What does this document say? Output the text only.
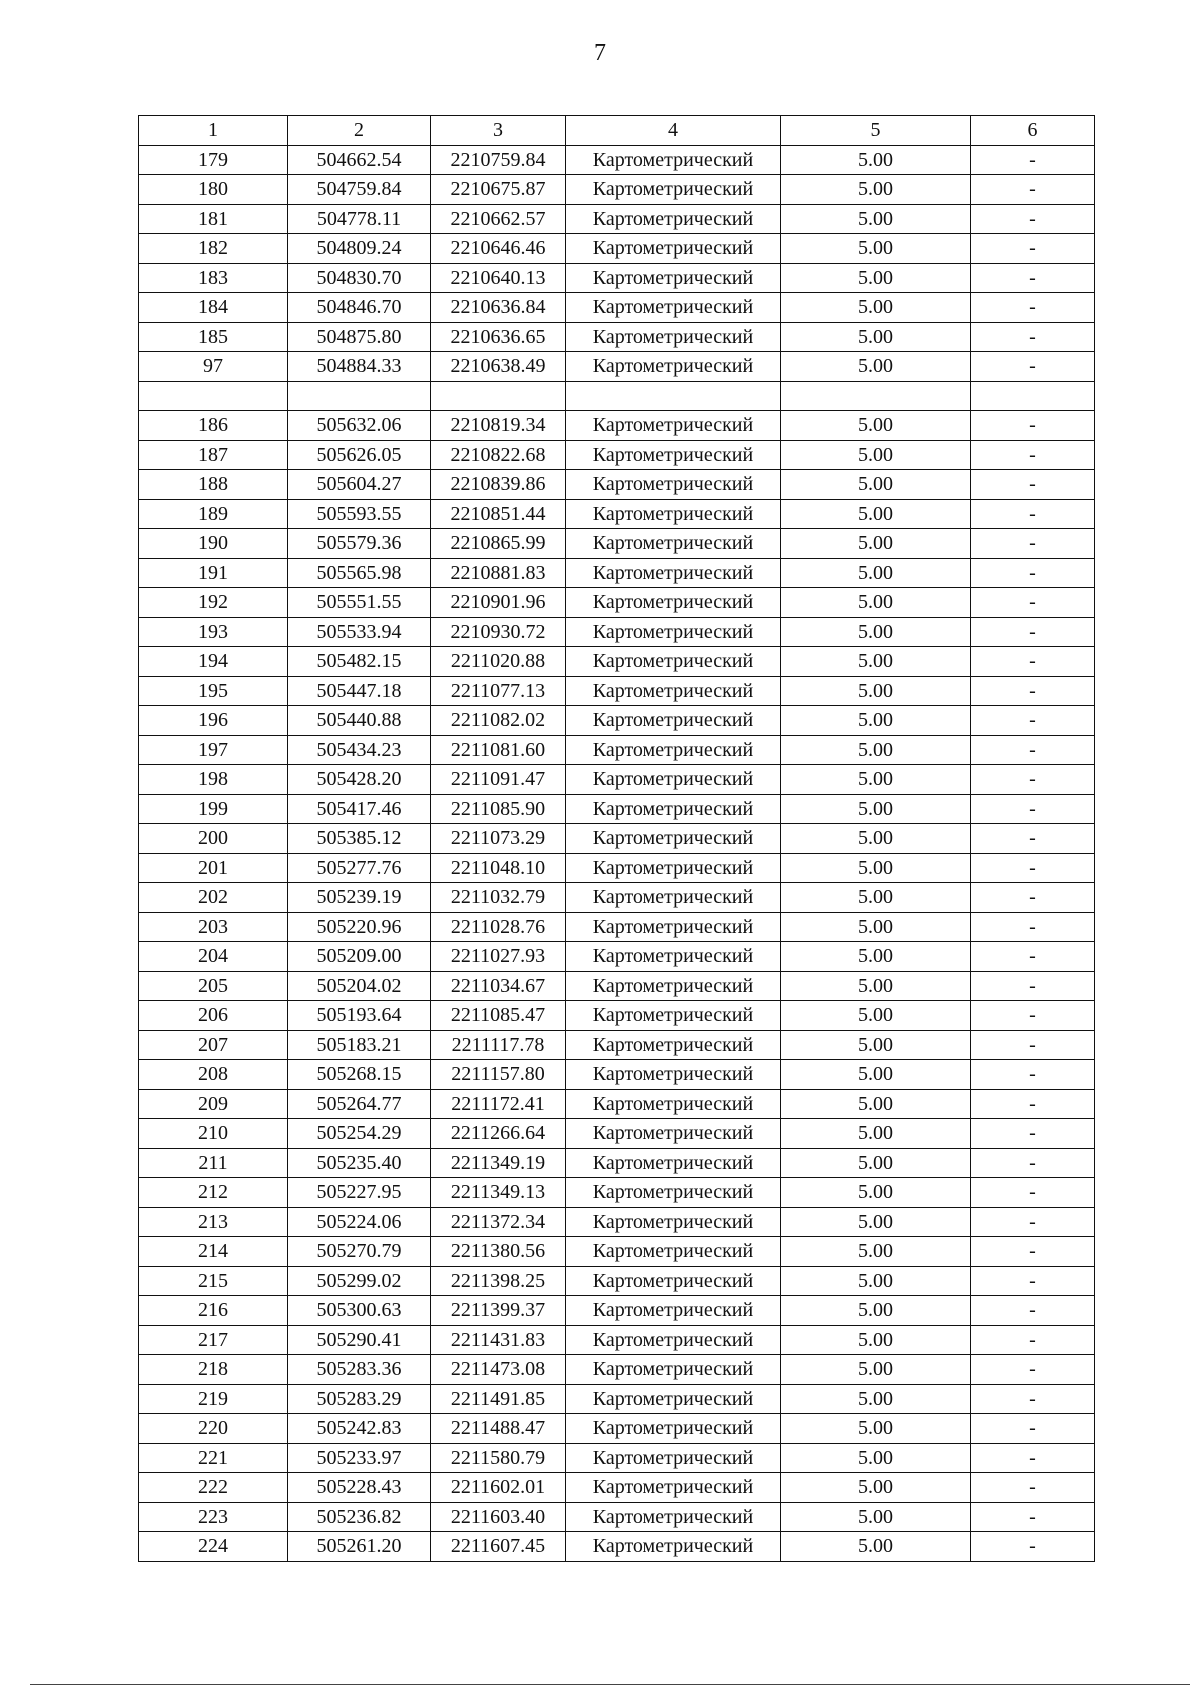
7
1	2	3	4	5	6
179	504662.54	2210759.84	Картометрический	5.00	-
180	504759.84	2210675.87	Картометрический	5.00	-
181	504778.11	2210662.57	Картометрический	5.00	-
182	504809.24	2210646.46	Картометрический	5.00	-
183	504830.70	2210640.13	Картометрический	5.00	-
184	504846.70	2210636.84	Картометрический	5.00	-
185	504875.80	2210636.65	Картометрический	5.00	-
97	504884.33	2210638.49	Картометрический	5.00	-

186	505632.06	2210819.34	Картометрический	5.00	-
187	505626.05	2210822.68	Картометрический	5.00	-
188	505604.27	2210839.86	Картометрический	5.00	-
189	505593.55	2210851.44	Картометрический	5.00	-
190	505579.36	2210865.99	Картометрический	5.00	-
191	505565.98	2210881.83	Картометрический	5.00	-
192	505551.55	2210901.96	Картометрический	5.00	-
193	505533.94	2210930.72	Картометрический	5.00	-
194	505482.15	2211020.88	Картометрический	5.00	-
195	505447.18	2211077.13	Картометрический	5.00	-
196	505440.88	2211082.02	Картометрический	5.00	-
197	505434.23	2211081.60	Картометрический	5.00	-
198	505428.20	2211091.47	Картометрический	5.00	-
199	505417.46	2211085.90	Картометрический	5.00	-
200	505385.12	2211073.29	Картометрический	5.00	-
201	505277.76	2211048.10	Картометрический	5.00	-
202	505239.19	2211032.79	Картометрический	5.00	-
203	505220.96	2211028.76	Картометрический	5.00	-
204	505209.00	2211027.93	Картометрический	5.00	-
205	505204.02	2211034.67	Картометрический	5.00	-
206	505193.64	2211085.47	Картометрический	5.00	-
207	505183.21	2211117.78	Картометрический	5.00	-
208	505268.15	2211157.80	Картометрический	5.00	-
209	505264.77	2211172.41	Картометрический	5.00	-
210	505254.29	2211266.64	Картометрический	5.00	-
211	505235.40	2211349.19	Картометрический	5.00	-
212	505227.95	2211349.13	Картометрический	5.00	-
213	505224.06	2211372.34	Картометрический	5.00	-
214	505270.79	2211380.56	Картометрический	5.00	-
215	505299.02	2211398.25	Картометрический	5.00	-
216	505300.63	2211399.37	Картометрический	5.00	-
217	505290.41	2211431.83	Картометрический	5.00	-
218	505283.36	2211473.08	Картометрический	5.00	-
219	505283.29	2211491.85	Картометрический	5.00	-
220	505242.83	2211488.47	Картометрический	5.00	-
221	505233.97	2211580.79	Картометрический	5.00	-
222	505228.43	2211602.01	Картометрический	5.00	-
223	505236.82	2211603.40	Картометрический	5.00	-
224	505261.20	2211607.45	Картометрический	5.00	-
